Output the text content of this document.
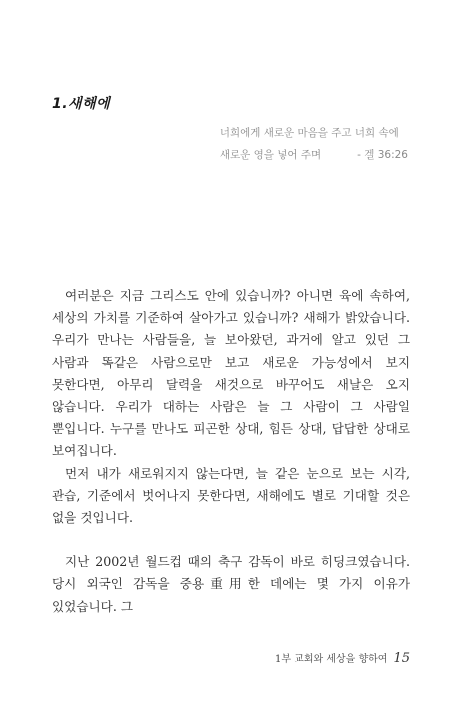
1.새해에
너희에게 새로운 마음을 주고 너희 속에
새로운 영을 넣어 주며	- 겔 36:26

여러분은 지금 그리스도 안에 있습니까? 아니면 육에 속하여, 세상의 가치를 기준하여 살아가고 있습니까? 새해가 밝았습니다. 우리가 만나는 사람들을, 늘 보아왔던, 과거에 알고 있던 그 사람과 똑같은 사람으로만 보고 새로운 가능성에서 보지 못한다면, 아무리 달력을 새것으로 바꾸어도 새날은 오지 않습니다. 우리가 대하는 사람은 늘 그 사람이 그 사람일 뿐입니다. 누구를 만나도 피곤한 상대, 힘든 상대, 답답한 상대로 보여집니다.

먼저 내가 새로워지지 않는다면, 늘 같은 눈으로 보는 시각, 관습, 기준에서 벗어나지 못한다면, 새해에도 별로 기대할 것은 없을 것입니다.

지난 2002년 월드컵 때의 축구 감독이 바로 히딩크였습니다. 당시 외국인 감독을 중용重用한 데에는 몇 가지 이유가 있었습니다. 그

1부 교회와 세상을 향하여 15
